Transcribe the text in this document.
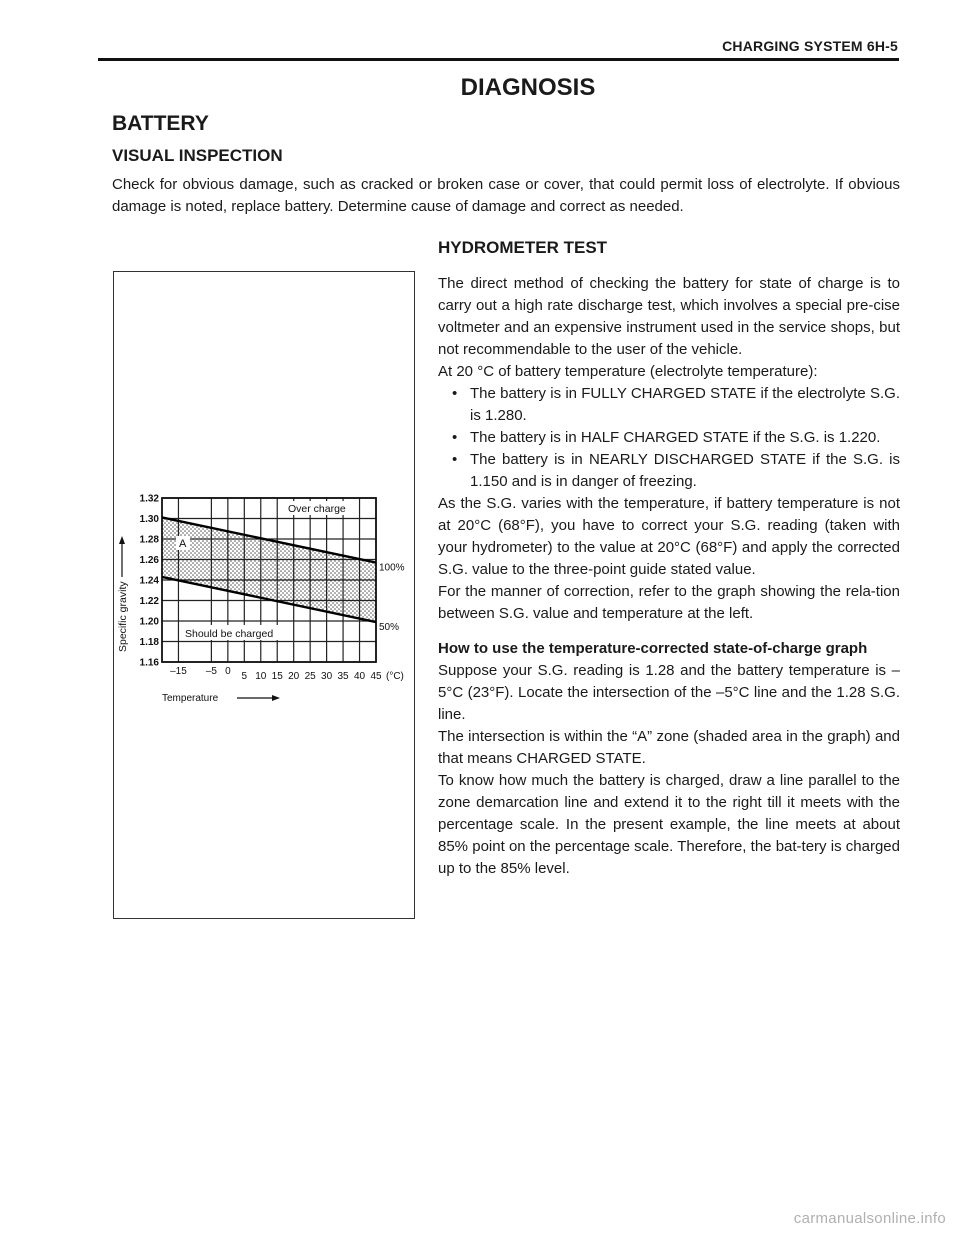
CHARGING SYSTEM 6H-5
DIAGNOSIS
BATTERY
VISUAL INSPECTION
Check for obvious damage, such as cracked or broken case or cover, that could permit loss of electrolyte. If obvious damage is noted, replace battery. Determine cause of damage and correct as needed.
HYDROMETER TEST
100%
50%
1.32
1.30
1.28
1.26
1.24
1.22
1.20
1.18
1.16
–15 –5 0 5 10 15 20 25 30 35 40 45 (°C)
Temperature
Specific gravity
Over charge
A
Should be charged

The direct method of checking the battery for state of charge is to carry out a high rate discharge test, which involves a special pre-cise voltmeter and an expensive instrument used in the service shops, but not recommendable to the user of the vehicle.

At 20 °C of battery temperature (electrolyte temperature):

• The battery is in FULLY CHARGED STATE if the electrolyte S.G. is 1.280.

• The battery is in HALF CHARGED STATE if the S.G. is 1.220.

• The battery is in NEARLY DISCHARGED STATE if the S.G. is 1.150 and is in danger of freezing.

As the S.G. varies with the temperature, if battery temperature is not at 20°C (68°F), you have to correct your S.G. reading (taken with your hydrometer) to the value at 20°C (68°F) and apply the corrected S.G. value to the three-point guide stated value.

For the manner of correction, refer to the graph showing the rela-tion between S.G. value and temperature at the left.

How to use the temperature-corrected state-of-charge graph

Suppose your S.G. reading is 1.28 and the battery temperature is –5°C (23°F). Locate the intersection of the –5°C line and the 1.28 S.G. line.

The intersection is within the “A” zone (shaded area in the graph) and that means CHARGED STATE.

To know how much the battery is charged, draw a line parallel to the zone demarcation line and extend it to the right till it meets with the percentage scale. In the present example, the line meets at about 85% point on the percentage scale. Therefore, the bat-tery is charged up to the 85% level.

carmanualsonline.info
